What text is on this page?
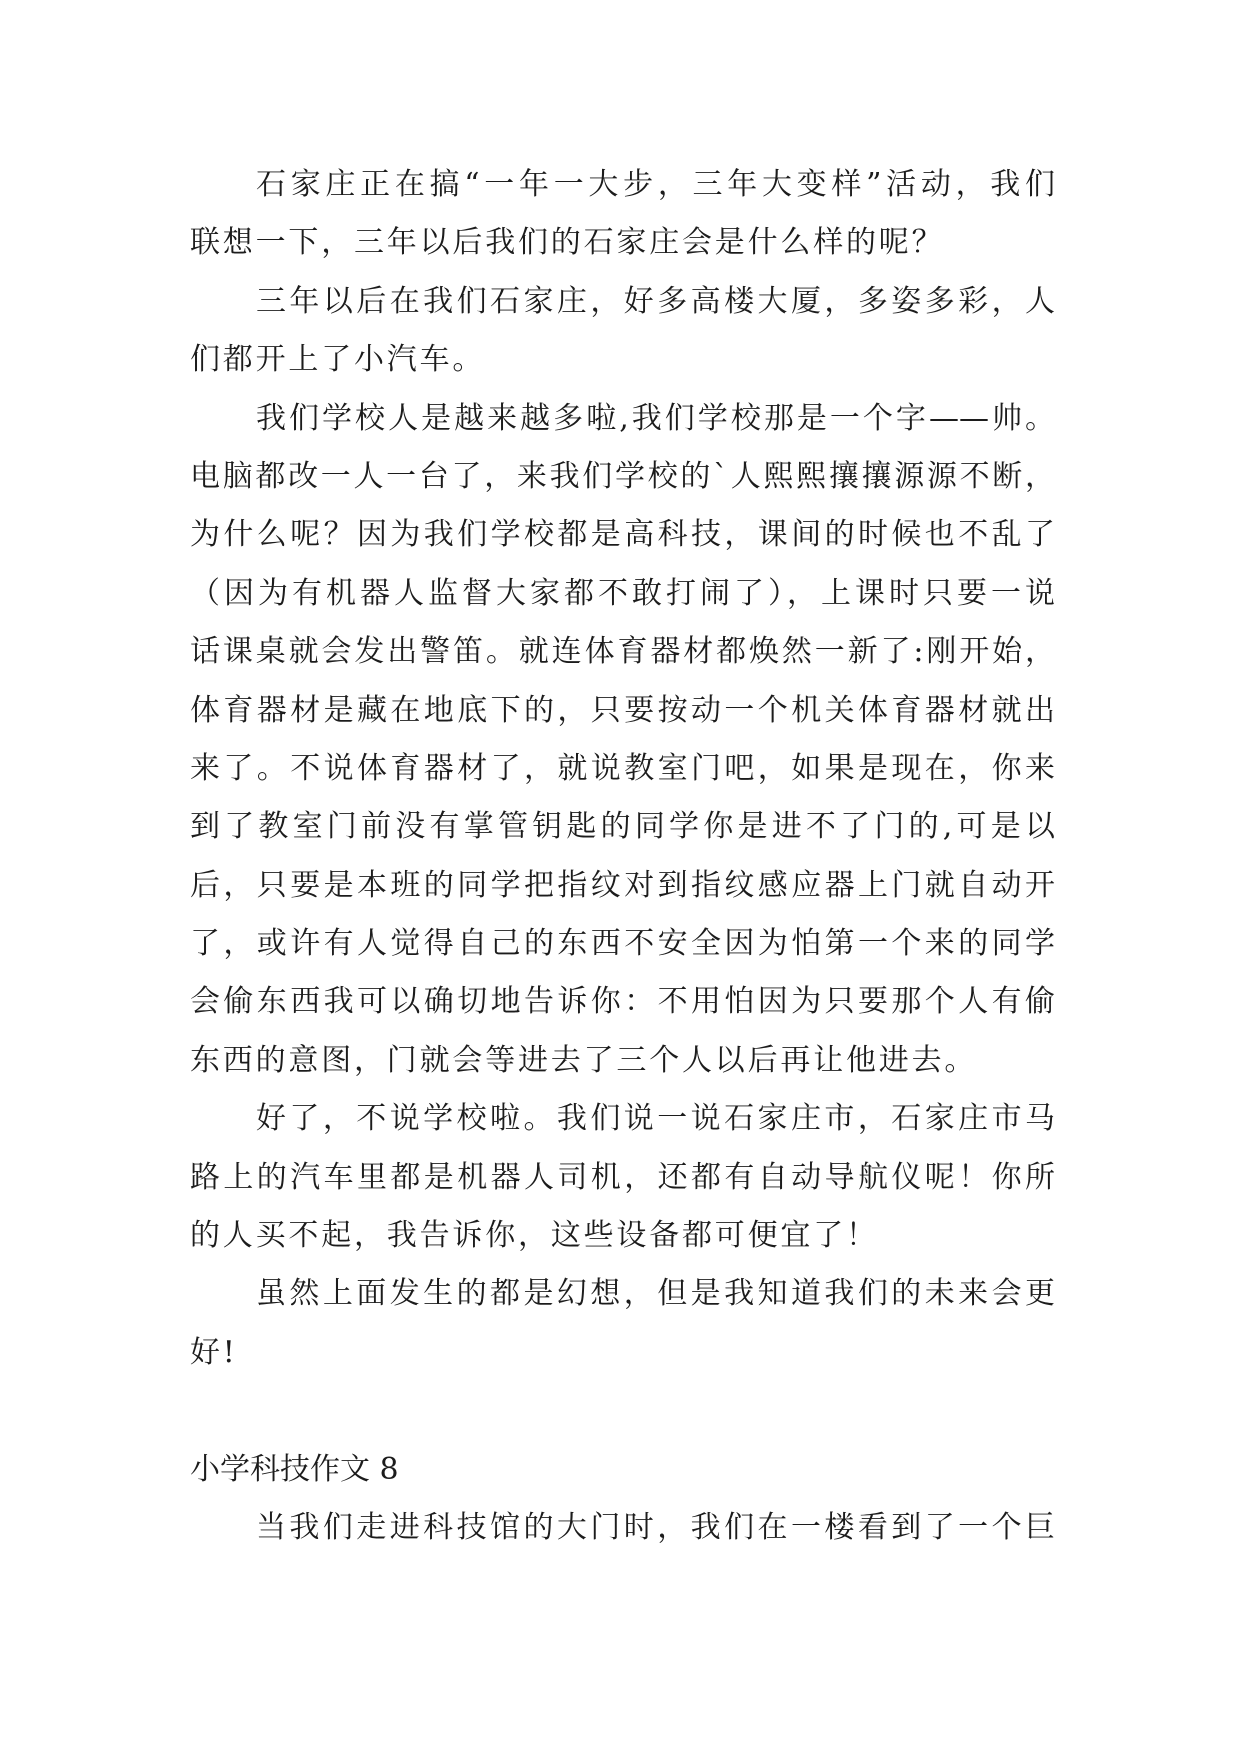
石家庄正在搞“一年一大步，三年大变样”活动，我们
联想一下，三年以后我们的石家庄会是什么样的呢？
三年以后在我们石家庄，好多高楼大厦，多姿多彩，人
们都开上了小汽车。
我们学校人是越来越多啦,我们学校那是一个字——帅。
电脑都改一人一台了，来我们学校的`人熙熙攘攘源源不断，
为什么呢？因为我们学校都是高科技，课间的时候也不乱了
（因为有机器人监督大家都不敢打闹了），上课时只要一说
话课桌就会发出警笛。就连体育器材都焕然一新了:刚开始，
体育器材是藏在地底下的，只要按动一个机关体育器材就出
来了。不说体育器材了，就说教室门吧，如果是现在，你来
到了教室门前没有掌管钥匙的同学你是进不了门的,可是以
后，只要是本班的同学把指纹对到指纹感应器上门就自动开
了，或许有人觉得自己的东西不安全因为怕第一个来的同学
会偷东西我可以确切地告诉你：不用怕因为只要那个人有偷
东西的意图，门就会等进去了三个人以后再让他进去。
好了，不说学校啦。我们说一说石家庄市，石家庄市马
路上的汽车里都是机器人司机，还都有自动导航仪呢！你所
的人买不起，我告诉你，这些设备都可便宜了！
虽然上面发生的都是幻想，但是我知道我们的未来会更
好!
小学科技作文 8
当我们走进科技馆的大门时，我们在一楼看到了一个巨
